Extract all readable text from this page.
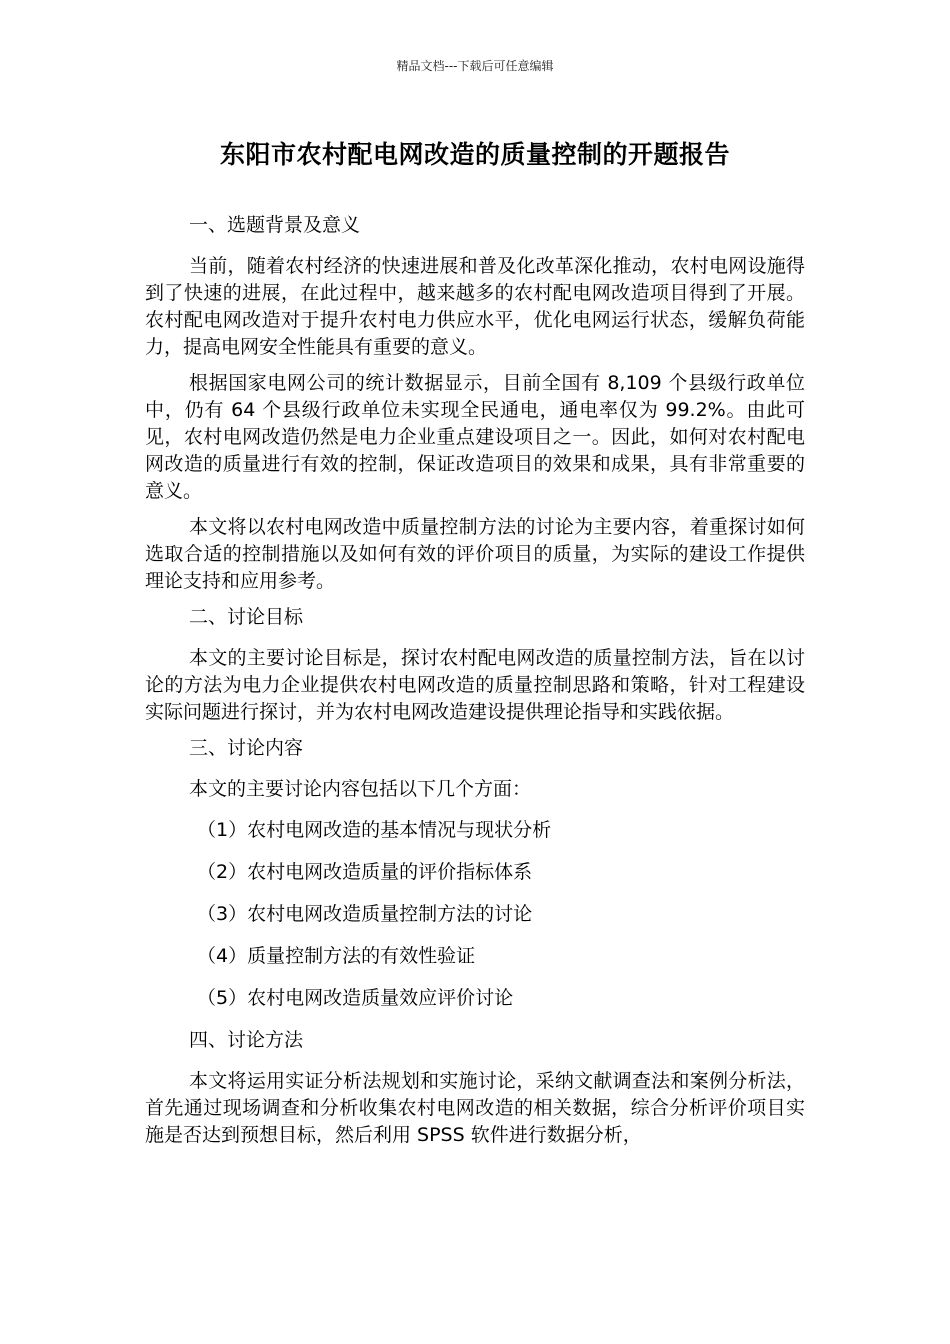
精品文档---下载后可任意编辑
东阳市农村配电网改造的质量控制的开题报告
一、选题背景及意义

当前，随着农村经济的快速进展和普及化改革深化推动，农村电网设施得到了快速的进展，在此过程中，越来越多的农村配电网改造项目得到了开展。农村配电网改造对于提升农村电力供应水平，优化电网运行状态，缓解负荷能力，提高电网安全性能具有重要的意义。

根据国家电网公司的统计数据显示，目前全国有 8,109 个县级行政单位中，仍有 64 个县级行政单位未实现全民通电，通电率仅为 99.2%。由此可见，农村电网改造仍然是电力企业重点建设项目之一。因此，如何对农村配电网改造的质量进行有效的控制，保证改造项目的效果和成果，具有非常重要的意义。

本文将以农村电网改造中质量控制方法的讨论为主要内容，着重探讨如何选取合适的控制措施以及如何有效的评价项目的质量，为实际的建设工作提供理论支持和应用参考。

二、讨论目标

本文的主要讨论目标是，探讨农村配电网改造的质量控制方法，旨在以讨论的方法为电力企业提供农村电网改造的质量控制思路和策略，针对工程建设实际问题进行探讨，并为农村电网改造建设提供理论指导和实践依据。

三、讨论内容
本文的主要讨论内容包括以下几个方面：
（1）农村电网改造的基本情况与现状分析
（2）农村电网改造质量的评价指标体系
（3）农村电网改造质量控制方法的讨论
（4）质量控制方法的有效性验证
（5）农村电网改造质量效应评价讨论
四、讨论方法

本文将运用实证分析法规划和实施讨论，采纳文献调查法和案例分析法，首先通过现场调查和分析收集农村电网改造的相关数据，综合分析评价项目实施是否达到预想目标，然后利用 SPSS 软件进行数据分析，
